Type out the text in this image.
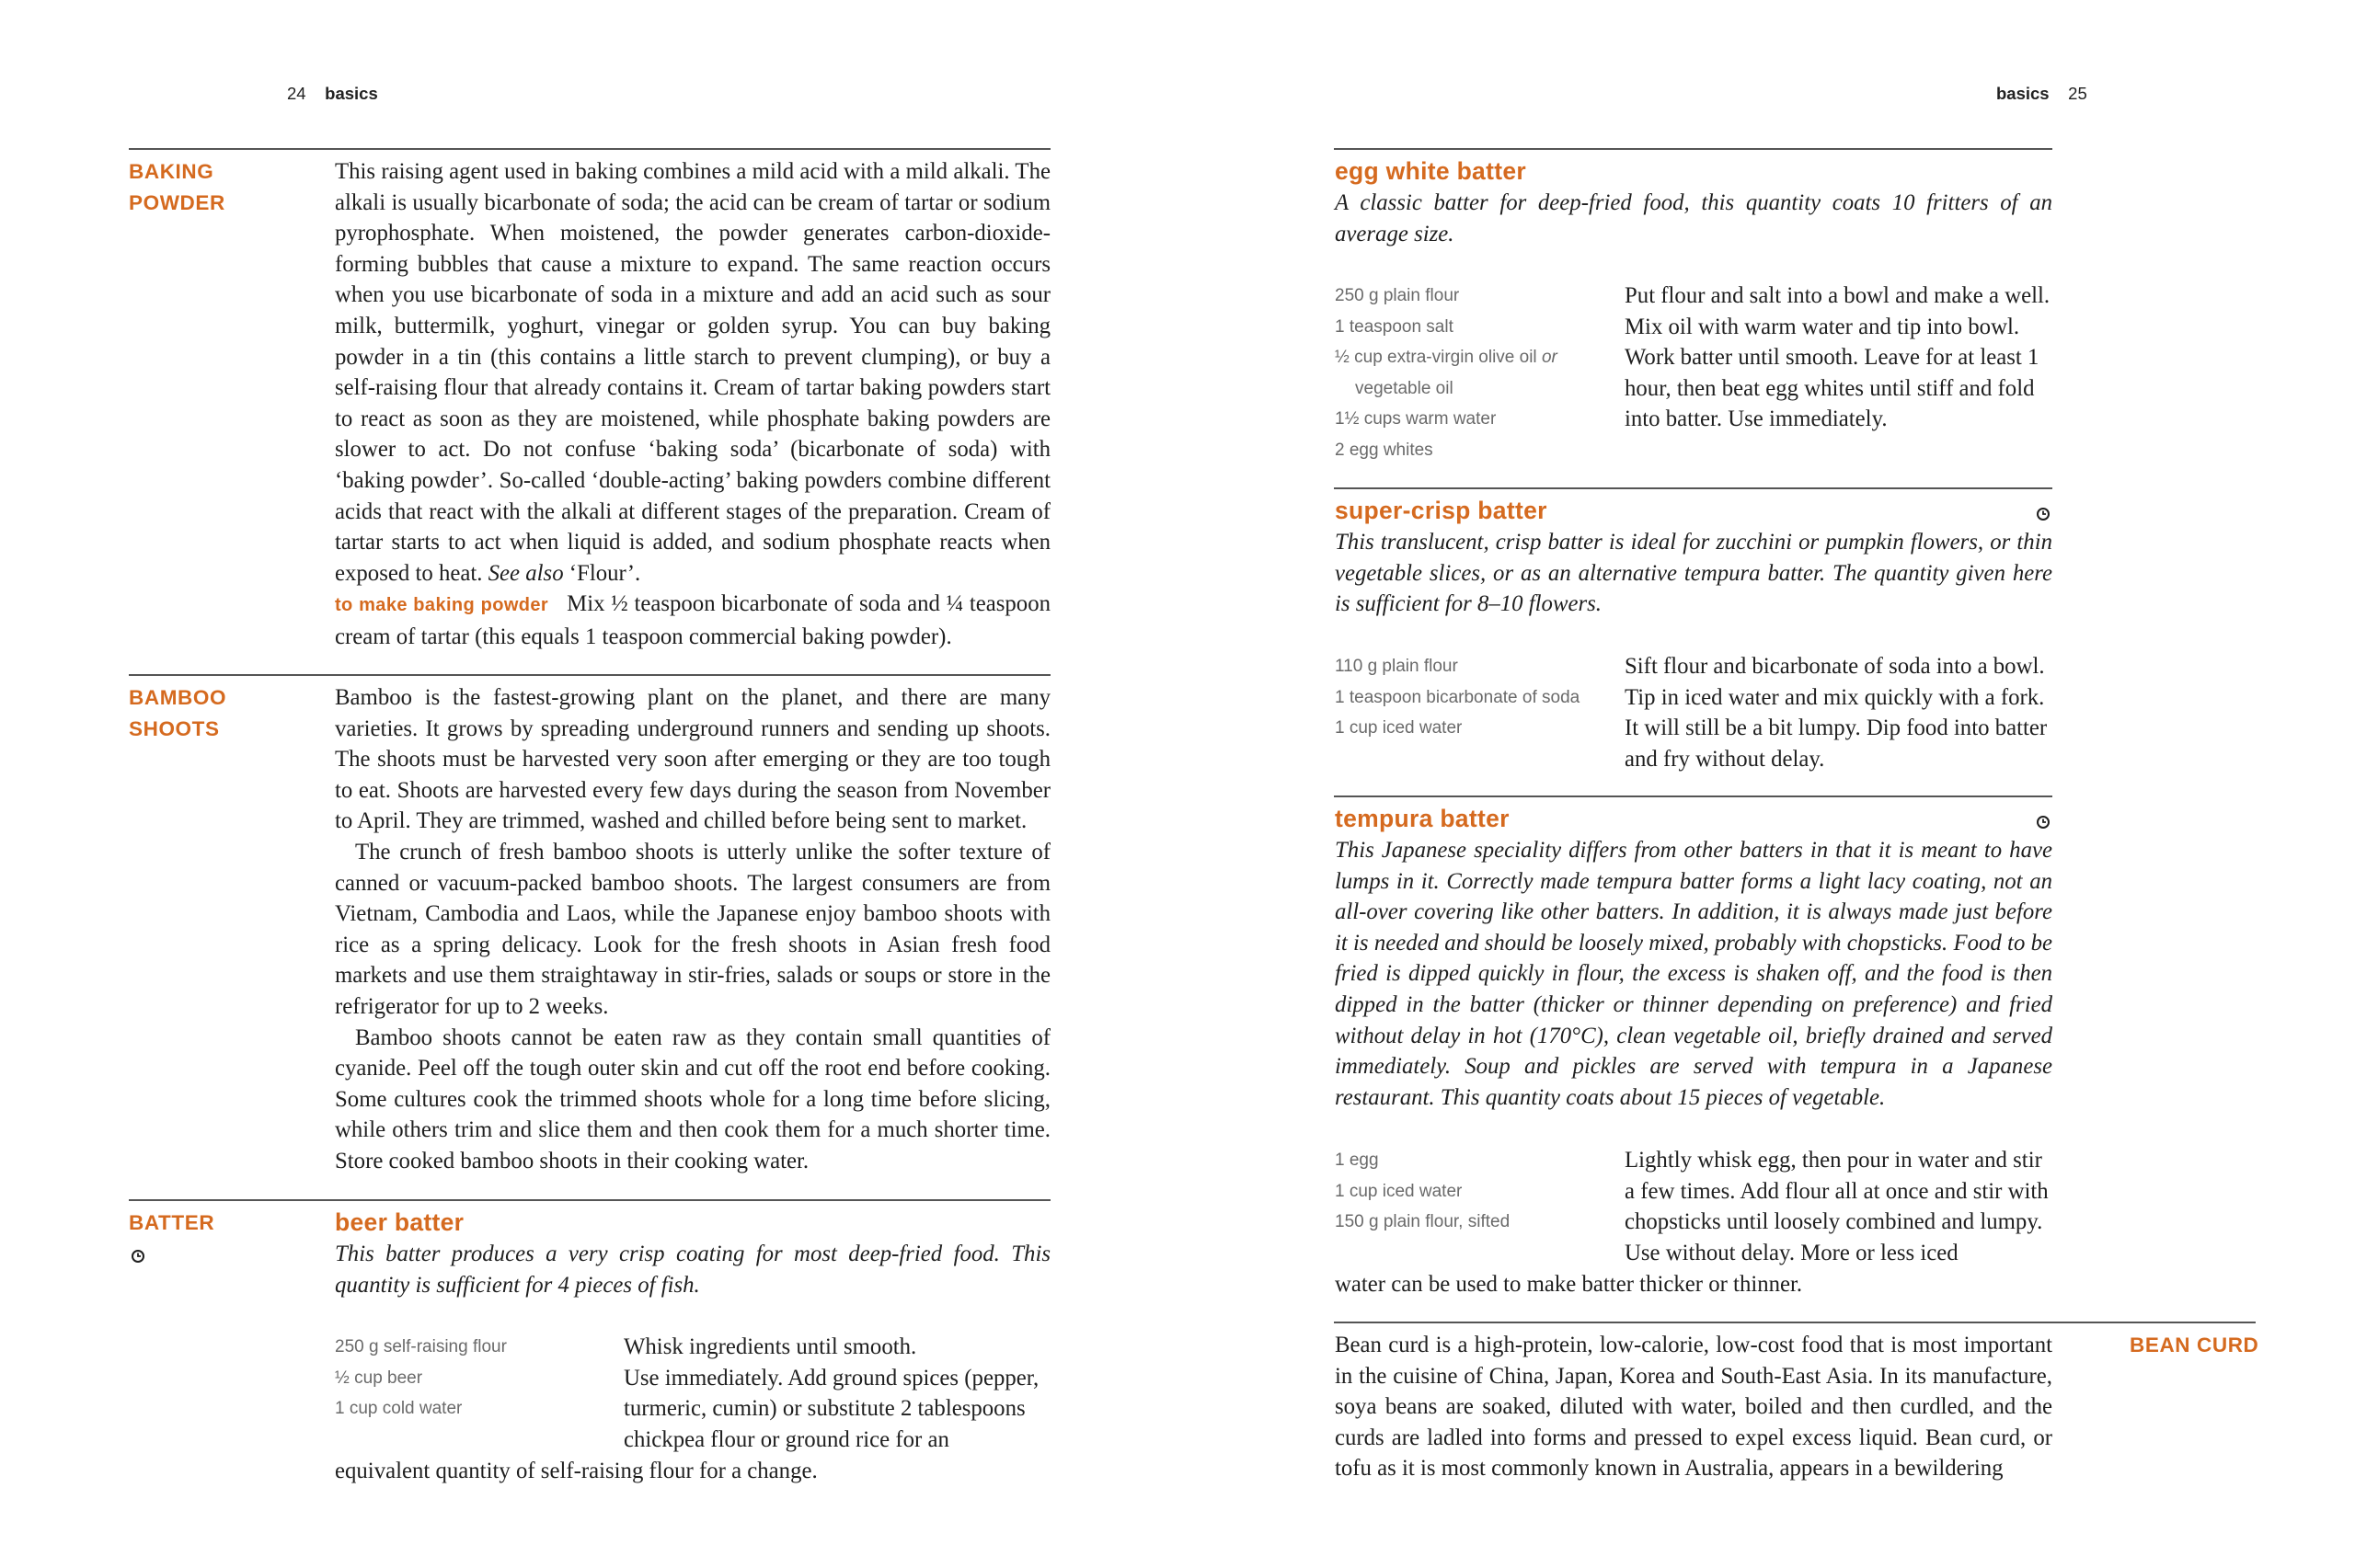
24 basics
BAKING
POWDER

This raising agent used in baking combines a mild acid with a mild alkali. The alkali is usually bicarbonate of soda; the acid can be cream of tartar or sodium pyrophosphate. When moistened, the powder generates carbon-dioxide-forming bubbles that cause a mixture to expand. The same reaction occurs when you use bicarbonate of soda in a mixture and add an acid such as sour milk, buttermilk, yoghurt, vinegar or golden syrup. You can buy baking powder in a tin (this contains a little starch to prevent clumping), or buy a self-raising flour that already contains it. Cream of tartar baking powders start to react as soon as they are moistened, while phosphate baking powders are slower to act. Do not confuse ‘baking soda’ (bicarbonate of soda) with ‘baking powder’. So-called ‘double-acting’ baking powders combine different acids that react with the alkali at different stages of the preparation. Cream of tartar starts to act when liquid is added, and sodium phosphate reacts when exposed to heat. See also ‘Flour’.
to make baking powder Mix ½ teaspoon bicarbonate of soda and ¼ teaspoon cream of tartar (this equals 1 teaspoon commercial baking powder).

BAMBOO
SHOOTS

Bamboo is the fastest-growing plant on the planet, and there are many varieties. It grows by spreading underground runners and sending up shoots. The shoots must be harvested very soon after emerging or they are too tough to eat. Shoots are harvested every few days during the season from November to April. They are trimmed, washed and chilled before being sent to market.

The crunch of fresh bamboo shoots is utterly unlike the softer texture of canned or vacuum-packed bamboo shoots. The largest consumers are from Vietnam, Cambodia and Laos, while the Japanese enjoy bamboo shoots with rice as a spring delicacy. Look for the fresh shoots in Asian fresh food markets and use them straightaway in stir-fries, salads or soups or store in the refrigerator for up to 2 weeks.

Bamboo shoots cannot be eaten raw as they contain small quantities of cyanide. Peel off the tough outer skin and cut off the root end before cooking. Some cultures cook the trimmed shoots whole for a long time before slicing, while others trim and slice them and then cook them for a much shorter time. Store cooked bamboo shoots in their cooking water.

BATTER	beer batter
This batter produces a very crisp coating for most deep-fried food. This quantity is sufficient for 4 pieces of fish.
250 g self-raising flour
½ cup beer
1 cup cold water
Whisk ingredients until smooth.
Use immediately. Add ground spices (pepper, turmeric, cumin) or substitute 2 tablespoons chickpea flour or ground rice for an
equivalent quantity of self-raising flour for a change.
basics 25
egg white batter
A classic batter for deep-fried food, this quantity coats 10 fritters of an average size.
250 g plain flour
1 teaspoon salt
½ cup extra-virgin olive oil or
vegetable oil
1½ cups warm water
2 egg whites
Put flour and salt into a bowl and make a well. Mix oil with warm water and tip into bowl. Work batter until smooth. Leave for at least 1 hour, then beat egg whites until stiff and fold into batter. Use immediately.
super-crisp batter
This translucent, crisp batter is ideal for zucchini or pumpkin flowers, or thin vegetable slices, or as an alternative tempura batter. The quantity given here is sufficient for 8–10 flowers.
110 g plain flour
1 teaspoon bicarbonate of soda
1 cup iced water
Sift flour and bicarbonate of soda into a bowl. Tip in iced water and mix quickly with a fork. It will still be a bit lumpy. Dip food into batter and fry without delay.
tempura batter
This Japanese speciality differs from other batters in that it is meant to have lumps in it. Correctly made tempura batter forms a light lacy coating, not an all-over covering like other batters. In addition, it is always made just before it is needed and should be loosely mixed, probably with chopsticks. Food to be fried is dipped quickly in flour, the excess is shaken off, and the food is then dipped in the batter (thicker or thinner depending on preference) and fried without delay in hot (170°C), clean vegetable oil, briefly drained and served immediately. Soup and pickles are served with tempura in a Japanese restaurant. This quantity coats about 15 pieces of vegetable.
1 egg
1 cup iced water
150 g plain flour, sifted
Lightly whisk egg, then pour in water and stir a few times. Add flour all at once and stir with chopsticks until loosely combined and lumpy. Use without delay. More or less iced
water can be used to make batter thicker or thinner.
Bean curd is a high-protein, low-calorie, low-cost food that is most important in the cuisine of China, Japan, Korea and South-East Asia. In its manufacture, soya beans are soaked, diluted with water, boiled and then curdled, and the curds are ladled into forms and pressed to expel excess liquid. Bean curd, or tofu as it is most commonly known in Australia, appears in a bewildering
BEAN CURD
